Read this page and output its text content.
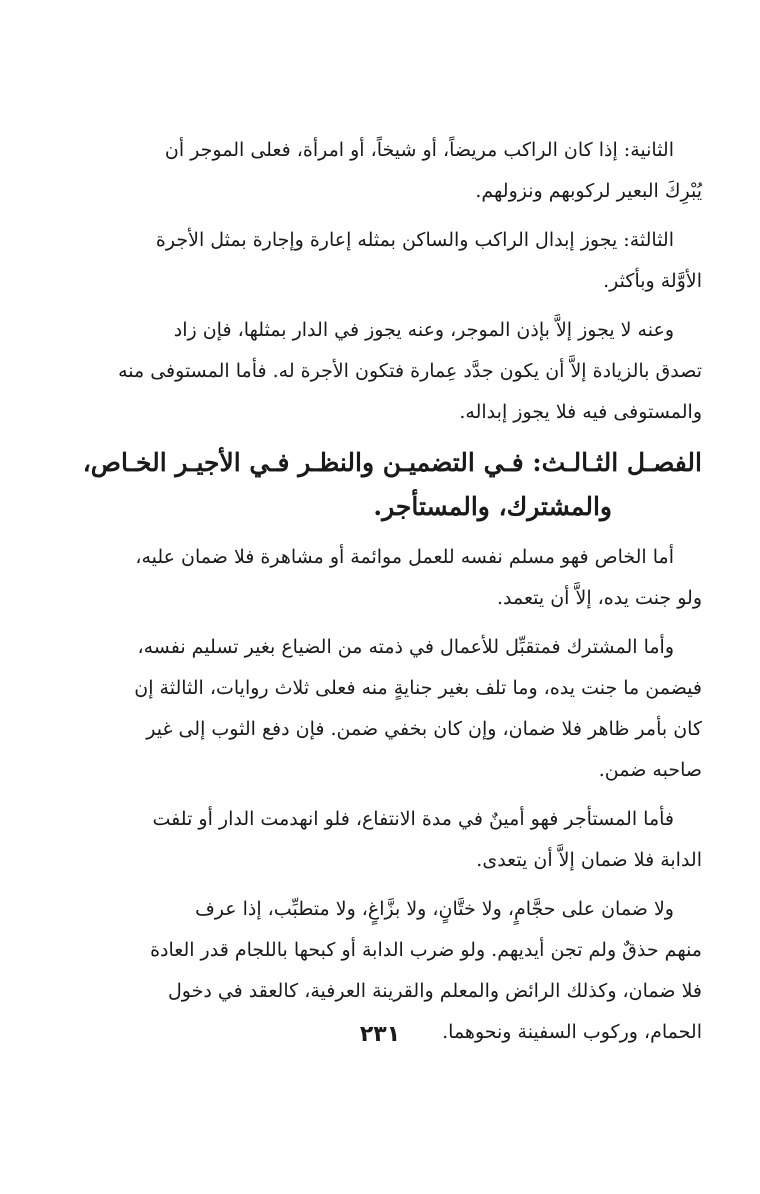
الثانية: إذا كان الراكب مريضاً، أو شيخاً، أو امرأة، فعلى الموجر أن
يُبْرِكَ البعير لركوبهم ونزولهم.

الثالثة: يجوز إبدال الراكب والساكن بمثله إعارة وإجارة بمثل الأجرة
الأوَّلة وبأكثر.

وعنه لا يجوز إلاَّ بإذن الموجر، وعنه يجوز في الدار بمثلها، فإن زاد
تصدق بالزيادة إلاَّ أن يكون جدَّد عِمارة فتكون الأجرة له. فأما المستوفى منه
والمستوفى فيه فلا يجوز إبداله.

الفصـل الثـالـث: فـي التضميـن والنظـر فـي الأجيـر الخـاص،
والمشترك، والمستأجر.

أما الخاص فهو مسلم نفسه للعمل موائمة أو مشاهرة فلا ضمان عليه،
ولو جنت يده، إلاَّ أن يتعمد.

وأما المشترك فمتقبِّل للأعمال في ذمته من الضياع بغير تسليم نفسه،
فيضمن ما جنت يده، وما تلف بغير جنايةٍ منه فعلى ثلاث روايات، الثالثة إن
كان بأمر ظاهر فلا ضمان، وإن كان بخفي ضمن. فإن دفع الثوب إلى غير
صاحبه ضمن.

فأما المستأجر فهو أمينٌ في مدة الانتفاع، فلو انهدمت الدار أو تلفت
الدابة فلا ضمان إلاَّ أن يتعدى.

ولا ضمان على حجَّامٍ، ولا ختَّانٍ، ولا بزَّاغٍ، ولا متطبِّب، إذا عرف
منهم حذقٌ ولم تجن أيديهم. ولو ضرب الدابة أو كبحها باللجام قدر العادة
فلا ضمان، وكذلك الرائض والمعلم والقرينة العرفية، كالعقد في دخول
الحمام، وركوب السفينة ونحوهما.

٢٣١
